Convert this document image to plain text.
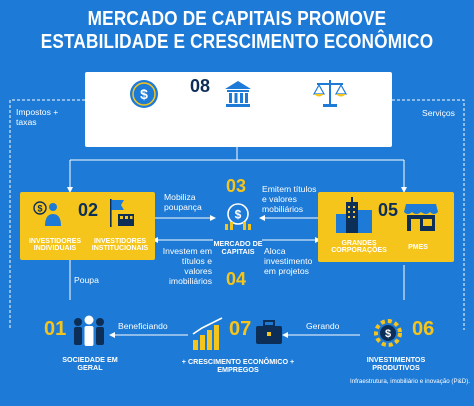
MERCADO DE CAPITAIS PROMOVE
ESTABILIDADE E CRESCIMENTO ECONÔMICO
08
$
ESTABILIDADE MACROECONÔMICA	GOVERNO	REGULAÇÃO/SEGURANÇA JURISDICIONAL
Impostos + taxas
Serviços
$ 02
INVESTIDORES INDIVIDUAIS
INVESTIDORES INSTITUCIONAIS
Poupa
05
GRANDES CORPORAÇÕES	PMES
03
$
MERCADO DE CAPITAIS
04
Mobiliza poupança
Emitem títulos e valores mobiliários
Investem em títulos e valores imobiliários
Aloca investimento em projetos
01
SOCIEDADE EM GERAL
Beneficiando	07
+ CRESCIMENTO ECONÔMICO + EMPREGOS
Gerando
$ 06
INVESTIMENTOS PRODUTIVOS
Infraestrutura, imobiliário e inovação (P&D).
